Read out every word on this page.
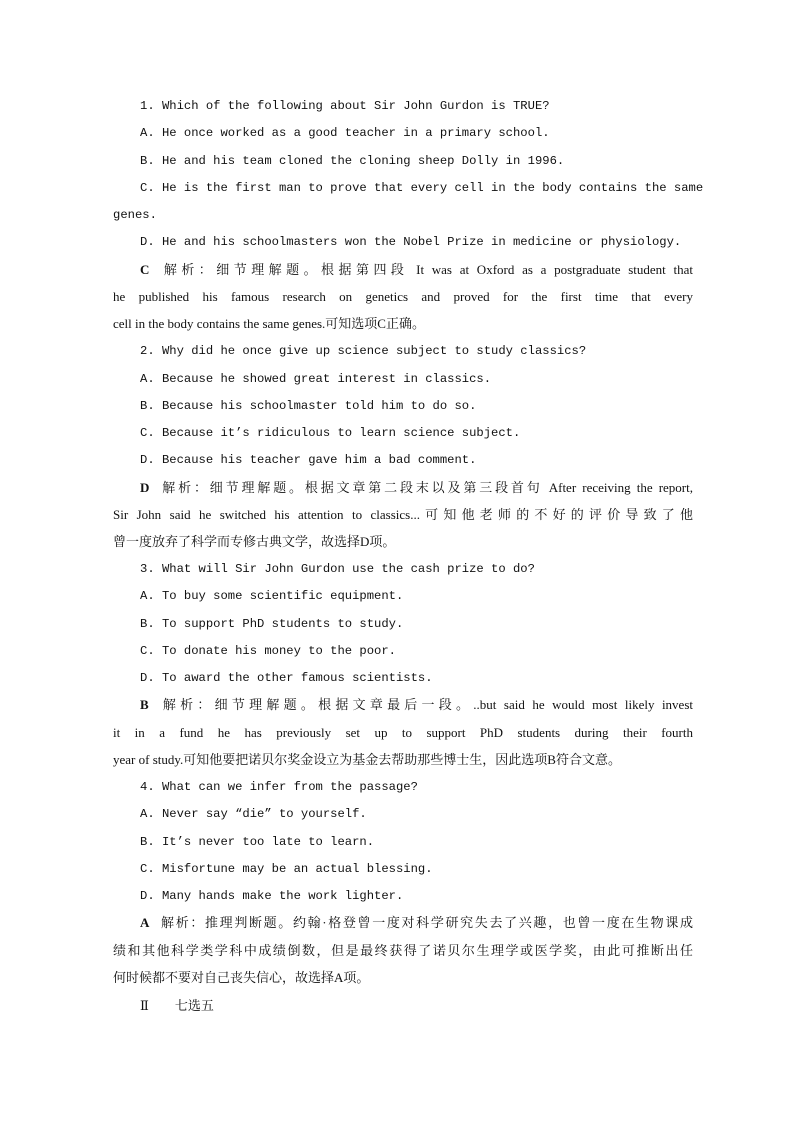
1. Which of the following about Sir John Gurdon is TRUE?
A. He once worked as a good teacher in a primary school.
B. He and his team cloned the cloning sheep Dolly in 1996.
C. He is the first man to prove that every cell in the body contains the same
genes.
D. He and his schoolmasters won the Nobel Prize in medicine or physiology.
C 解析：细节理解题。根据第四段 It was at Oxford as a postgraduate student that
he published his famous research on genetics and proved for the first time that every
cell in the body contains the same genes.可知选项C正确。
2. Why did he once give up science subject to study classics?
A. Because he showed great interest in classics.
B. Because his schoolmaster told him to do so.
C. Because it’s ridiculous to learn science subject.
D. Because his teacher gave him a bad comment.
D 解析：细节理解题。根据文章第二段末以及第三段首句 After receiving the report,
Sir John said he switched his attention to classics...可知他老师的不好的评价导致了他
曾一度放弃了科学而专修古典文学，故选择D项。
3. What will Sir John Gurdon use the cash prize to do?
A. To buy some scientific equipment.
B. To support PhD students to study.
C. To donate his money to the poor.
D. To award the other famous scientists.
B 解析：细节理解题。根据文章最后一段。..but said he would most likely invest
it in a fund he has previously set up to support PhD students during their fourth
year of study.可知他要把诺贝尔奖金设立为基金去帮助那些博士生，因此选项B符合文意。
4. What can we infer from the passage?
A. Never say “die” to yourself.
B. It’s never too late to learn.
C. Misfortune may be an actual blessing.
D. Many hands make the work lighter.
A 解析：推理判断题。约翰·格登曾一度对科学研究失去了兴趣，也曾一度在生物课成
绩和其他科学类学科中成绩倒数，但是最终获得了诺贝尔生理学或医学奖，由此可推断出任
何时候都不要对自己丧失信心，故选择A项。
Ⅱ 七选五
